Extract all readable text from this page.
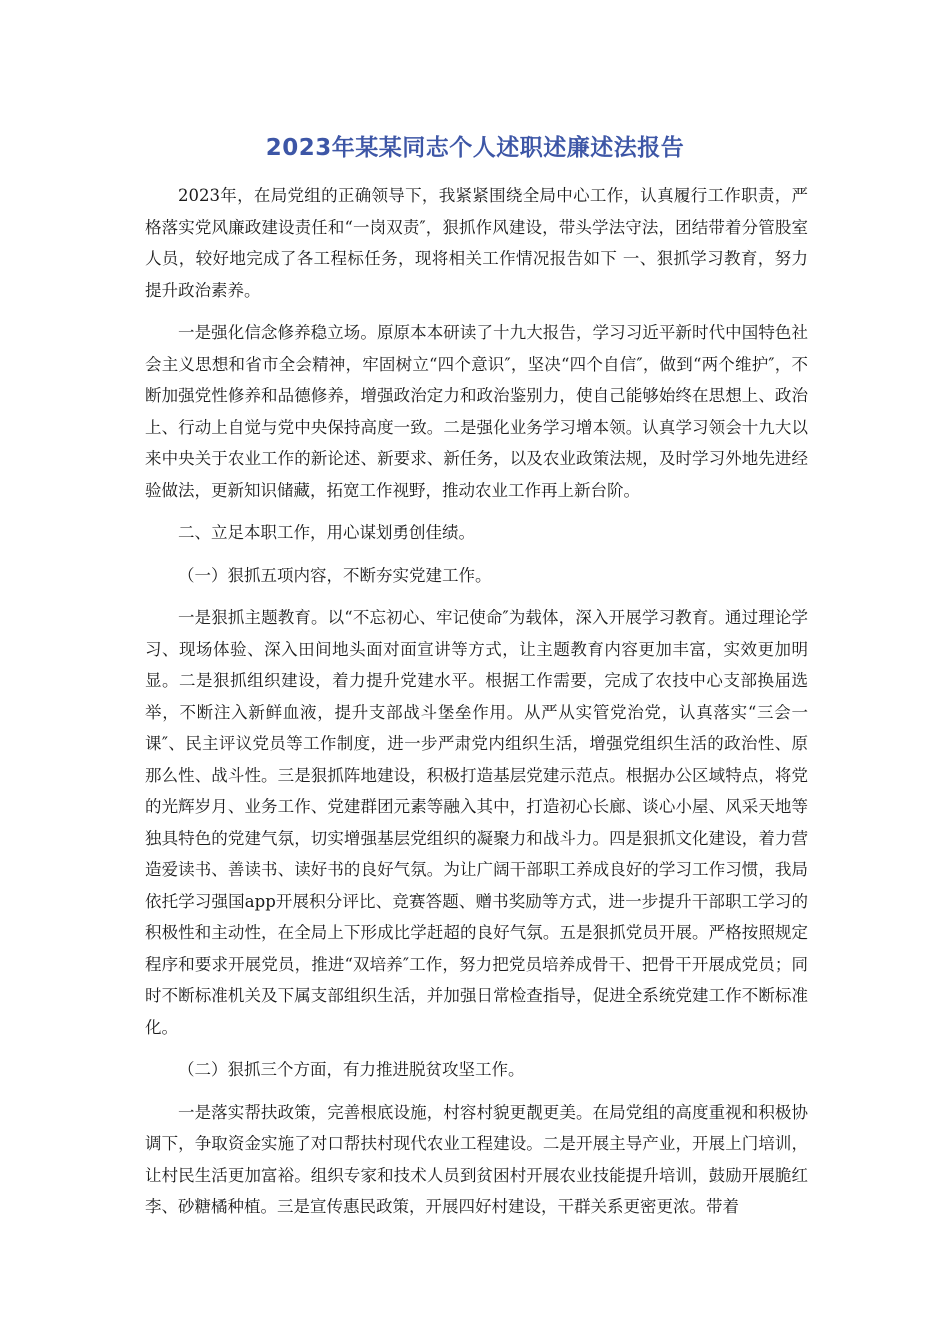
2023年某某同志个人述职述廉述法报告

2023年，在局党组的正确领导下，我紧紧围绕全局中心工作，认真履行工作职责，严格落实党风廉政建设责任和“一岗双责″，狠抓作风建设，带头学法守法，团结带着分管股室人员，较好地完成了各工程标任务，现将相关工作情况报告如下 一、狠抓学习教育，努力提升政治素养。

一是强化信念修养稳立场。原原本本研读了十九大报告，学习习近平新时代中国特色社会主义思想和省市全会精神，牢固树立“四个意识″，坚决“四个自信″，做到“两个维护″，不断加强党性修养和品德修养，增强政治定力和政治鉴别力，使自己能够始终在思想上、政治上、行动上自觉与党中央保持高度一致。二是强化业务学习增本领。认真学习领会十九大以来中央关于农业工作的新论述、新要求、新任务，以及农业政策法规，及时学习外地先进经验做法，更新知识储藏，拓宽工作视野，推动农业工作再上新台阶。

二、立足本职工作，用心谋划勇创佳绩。

（一）狠抓五项内容，不断夯实党建工作。

一是狠抓主题教育。以“不忘初心、牢记使命″为载体，深入开展学习教育。通过理论学习、现场体验、深入田间地头面对面宣讲等方式，让主题教育内容更加丰富，实效更加明显。二是狠抓组织建设，着力提升党建水平。根据工作需要，完成了农技中心支部换届选举，不断注入新鲜血液，提升支部战斗堡垒作用。从严从实管党治党，认真落实“三会一课″、民主评议党员等工作制度，进一步严肃党内组织生活，增强党组织生活的政治性、原那么性、战斗性。三是狠抓阵地建设，积极打造基层党建示范点。根据办公区域特点，将党的光辉岁月、业务工作、党建群团元素等融入其中，打造初心长廊、谈心小屋、风采天地等独具特色的党建气氛，切实增强基层党组织的凝聚力和战斗力。四是狠抓文化建设，着力营造爱读书、善读书、读好书的良好气氛。为让广阔干部职工养成良好的学习工作习惯，我局依托学习强国app开展积分评比、竞赛答题、赠书奖励等方式，进一步提升干部职工学习的积极性和主动性，在全局上下形成比学赶超的良好气氛。五是狠抓党员开展。严格按照规定程序和要求开展党员，推进“双培养″工作，努力把党员培养成骨干、把骨干开展成党员；同时不断标准机关及下属支部组织生活，并加强日常检查指导，促进全系统党建工作不断标准化。

（二）狠抓三个方面，有力推进脱贫攻坚工作。

一是落实帮扶政策，完善根底设施，村容村貌更靓更美。在局党组的高度重视和积极协调下，争取资金实施了对口帮扶村现代农业工程建设。二是开展主导产业，开展上门培训，让村民生活更加富裕。组织专家和技术人员到贫困村开展农业技能提升培训，鼓励开展脆红李、砂糖橘种植。三是宣传惠民政策，开展四好村建设，干群关系更密更浓。带着
